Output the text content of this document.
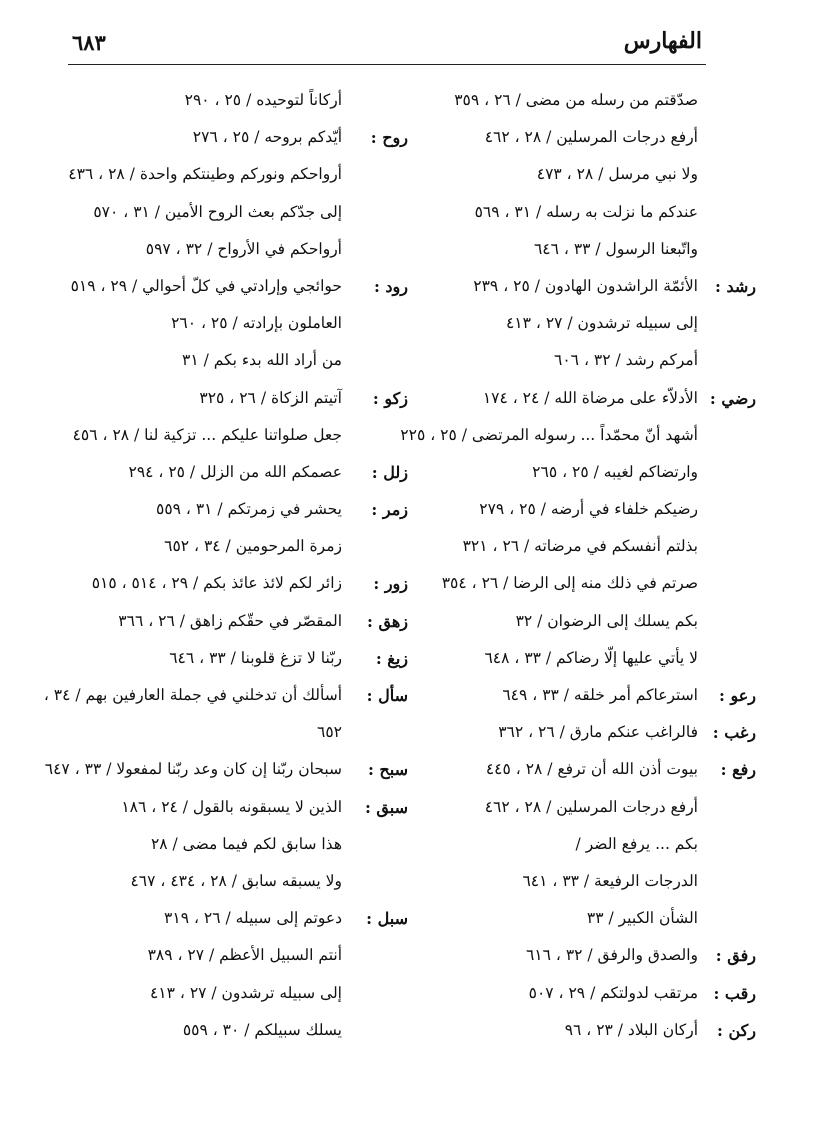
٦٨٣	الفهارس
صدّقتم من رسله من مضى / ٢٦ ، ٣٥٩
أرفع درجات المرسلين / ٢٨ ، ٤٦٢
ولا نبي مرسل / ٢٨ ، ٤٧٣
عندكم ما نزلت به رسله / ٣١ ، ٥٦٩
واتّبعنا الرسول / ٣٣ ، ٦٤٦
رشد :
الأئمّة الراشدون الهادون / ٢٥ ، ٢٣٩
إلى سبيله ترشدون / ٢٧ ، ٤١٣
أمركم رشد / ٣٢ ، ٦٠٦
رضي :
الأدلاّء على مرضاة الله / ٢٤ ، ١٧٤
أشهد أنّ محمّداً ... رسوله المرتضى / ٢٥ ، ٢٢٥
وارتضاكم لغيبه / ٢٥ ، ٢٦٥
رضيكم خلفاء في أرضه / ٢٥ ، ٢٧٩
بذلتم أنفسكم في مرضاته / ٢٦ ، ٣٢١
صرتم في ذلك منه إلى الرضا / ٢٦ ، ٣٥٤
بكم يسلك إلى الرضوان / ٣٢
لا يأتي عليها إلّا رضاكم / ٣٣ ، ٦٤٨
رعو :
استرعاكم أمر خلقه / ٣٣ ، ٦٤٩
رغب :
فالراغب عنكم مارق / ٢٦ ، ٣٦٢
رفع :
بيوت أذن الله أن ترفع / ٢٨ ، ٤٤٥
أرفع درجات المرسلين / ٢٨ ، ٤٦٢
بكم ... يرفع الضر /
الدرجات الرفيعة / ٣٣ ، ٦٤١
الشأن الكبير / ٣٣
رفق :
والصدق والرفق / ٣٢ ، ٦١٦
رقب :
مرتقب لدولتكم / ٢٩ ، ٥٠٧
ركن :
أركان البلاد / ٢٣ ، ٩٦
أركاناً لتوحيده / ٢٥ ، ٢٩٠
روح :
أيّدكم بروحه / ٢٥ ، ٢٧٦
أرواحكم ونوركم وطينتكم واحدة / ٢٨ ، ٤٣٦
إلى جدّكم بعث الروح الأمين / ٣١ ، ٥٧٠
أرواحكم في الأرواح / ٣٢ ، ٥٩٧
رود :
حوائجي وإرادتي في كلّ أحوالي / ٢٩ ، ٥١٩
العاملون بإرادته / ٢٥ ، ٢٦٠
من أراد الله بدء بكم / ٣١
زكو :
آتيتم الزكاة / ٢٦ ، ٣٢٥
جعل صلواتنا عليكم ... تزكية لنا / ٢٨ ، ٤٥٦
زلل :
عصمكم الله من الزلل / ٢٥ ، ٢٩٤
زمر :
يحشر في زمرتكم / ٣١ ، ٥٥٩
زمرة المرحومين / ٣٤ ، ٦٥٢
زور :
زائر لكم لائذ عائذ بكم / ٢٩ ، ٥١٤ ، ٥١٥
زهق :
المقصّر في حقّكم زاهق / ٢٦ ، ٣٦٦
زيغ :
ربّنا لا تزغ قلوبنا / ٣٣ ، ٦٤٦
سأل :
أسألك أن تدخلني في جملة العارفين بهم / ٣٤ ،
٦٥٢
سبح :
سبحان ربّنا إن كان وعد ربّنا لمفعولا / ٣٣ ، ٦٤٧
سبق :
الذين لا يسبقونه بالقول / ٢٤ ، ١٨٦
هذا سابق لكم فيما مضى / ٢٨
ولا يسبقه سابق / ٢٨ ، ٤٣٤ ، ٤٦٧
سبل :
دعوتم إلى سبيله / ٢٦ ، ٣١٩
أنتم السبيل الأعظم / ٢٧ ، ٣٨٩
إلى سبيله ترشدون / ٢٧ ، ٤١٣
يسلك سبيلكم / ٣٠ ، ٥٥٩
